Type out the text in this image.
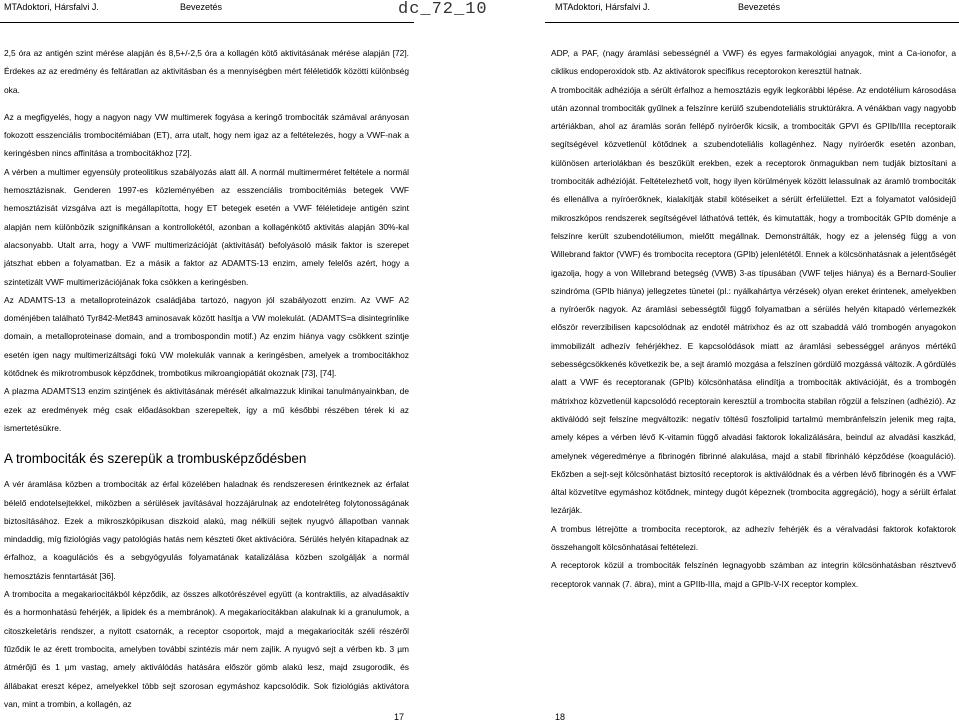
MTAdoktori, Hársfalvi J.	Bevezetés	dc_72_10	MTAdoktori, Hársfalvi J.	Bevezetés

2,5 óra az antigén szint mérése alapján és 8,5+/-2,5 óra a kollagén kötő aktivitásának mérése alapján [72]. Érdekes az az eredmény és feltáratlan az aktivitásban és a mennyiségben mért féléletidők közötti különbség oka.

Az a megfigyelés, hogy a nagyon nagy VW multimerek fogyása a keringő trombociták számával arányosan fokozott esszenciális trombocitémiában (ET), arra utalt, hogy nem igaz az a feltételezés, hogy a VWF-nak a keringésben nincs affinitása a trombocitákhoz [72].

A vérben a multimer egyensúly proteolitikus szabályozás alatt áll. A normál multimerméret feltétele a normál hemosztázisnak. Genderen 1997-es közleményében az esszenciális trombocitémiás betegek VWF hemosztázisát vizsgálva azt is megállapította, hogy ET betegek esetén a VWF féléletideje antigén szint alapján nem különbözik szignifikánsan a kontrollokétól, azonban a kollagénkötő aktivitás alapján 30%-kal alacsonyabb. Utalt arra, hogy a VWF multimerizációját (aktivitását) befolyásoló másik faktor is szerepet játszhat ebben a folyamatban. Ez a másik a faktor az ADAMTS-13 enzim, amely felelős azért, hogy a szintetizált VWF multimerizációjának foka csökken a keringésben.

Az ADAMTS-13 a metalloproteinázok családjába tartozó, nagyon jól szabályozott enzim. Az VWF A2 doménjében található Tyr842-Met843 aminosavak között hasítja a VW molekulát. (ADAMTS=a disintegrinlike domain, a metalloproteinase domain, and a trombospondin motif.) Az enzim hiánya vagy csökkent szintje esetén igen nagy multimerizáltsági fokú VW molekulák vannak a keringésben, amelyek a trombocitákhoz kötődnek és mikrotrombusok képződnek, trombotikus mikroangiopátiát okoznak [73], [74].

A plazma ADAMTS13 enzim szintjének és aktivitásának mérését alkalmazzuk klinikai tanulmányainkban, de ezek az eredmények még csak előadásokban szerepeltek, így a mű későbbi részében térek ki az ismertetésükre.

A trombociták és szerepük a trombusképződésben

A vér áramlása közben a trombociták az érfal közelében haladnak és rendszeresen érintkeznek az érfalat bélelő endotelsejtekkel, miközben a sérülések javításával hozzájárulnak az endotelréteg folytonosságának biztosításához. Ezek a mikroszkópikusan diszkoid alakú, mag nélküli sejtek nyugvó állapotban vannak mindaddig, míg fiziológiás vagy patológiás hatás nem készteti őket aktivációra. Sérülés helyén kitapadnak az érfalhoz, a koagulációs és a sebgyógyulás folyamatának katalizálása közben szolgálják a normál hemosztázis fenntartását [36].

A trombocita a megakariocitákból képződik, az összes alkotórészével együtt (a kontraktilis, az alvadásaktív és a hormonhatású fehérjék, a lipidek és a membránok). A megakariocitákban alakulnak ki a granulumok, a citoszkeletáris rendszer, a nyitott csatornák, a receptor csoportok, majd a megakariociták széli részéről fűződik le az érett trombocita, amelyben további szintézis már nem zajlik. A nyugvó sejt a vérben kb. 3 µm átmérőjű és 1 µm vastag, amely aktiválódás hatására először gömb alakú lesz, majd zsugorodik, és állábakat ereszt képez, amelyekkel több sejt szorosan egymáshoz kapcsolódik. Sok fiziológiás aktivátora van, mint a trombin, a kollagén, az

ADP, a PAF, (nagy áramlási sebességnél a VWF) és egyes farmakológiai anyagok, mint a Ca-ionofor, a ciklikus endoperoxidok stb. Az aktivátorok specifikus receptorokon keresztül hatnak.

A trombociták adhéziója a sérült érfalhoz a hemosztázis egyik legkorábbi lépése. Az endotélium károsodása után azonnal trombociták gyűlnek a felszínre kerülő szubendoteliális struktúrákra. A vénákban vagy nagyobb artériákban, ahol az áramlás során fellépő nyíróerők kicsik, a trombociták GPVI és GPIIb/IIIa receptoraik segítségével közvetlenül kötődnek a szubendoteliális kollagénhez. Nagy nyíróerők esetén azonban, különösen arteriolákban és beszűkült erekben, ezek a receptorok önmagukban nem tudják biztosítani a trombociták adhézióját. Feltételezhető volt, hogy ilyen körülmények között lelassulnak az áramló trombociták és ellenállva a nyíróerőknek, kialakítják stabil kötéseiket a sérült érfelülettel. Ezt a folyamatot valósidejű mikroszkópos rendszerek segítségével láthatóvá tették, és kimutatták, hogy a trombociták GPIb doménje a felszínre került szubendotéliumon, mielőtt megállnak. Demonstrálták, hogy ez a jelenség függ a von Willebrand faktor (VWF) és trombocita receptora (GPIb) jelenlététől. Ennek a kölcsönhatásnak a jelentőségét igazolja, hogy a von Willebrand betegség (VWB) 3-as típusában (VWF teljes hiánya) és a Bernard-Soulier szindróma (GPIb hiánya) jellegzetes tünetei (pl.: nyálkahártya vérzések) olyan ereket érintenek, amelyekben a nyíróerők nagyok. Az áramlási sebességtől függő folyamatban a sérülés helyén kitapadó vérlemezkék először reverzibilisen kapcsolódnak az endotél mátrixhoz és az ott szabaddá váló trombogén anyagokon immobilizált adhezív fehérjékhez. E kapcsolódások miatt az áramlási sebességgel arányos mértékű sebességcsökkenés következik be, a sejt áramló mozgása a felszínen gördülő mozgássá változik. A gördülés alatt a VWF és receptoranak (GPIb) kölcsönhatása elindítja a trombociták aktivációját, és a trombogén mátrixhoz közvetlenül kapcsolódó receptorain keresztül a trombocita stabilan rögzül a felszínen (adhézió). Az aktiválódó sejt felszíne megváltozik: negatív töltésű foszfolipid tartalmú membránfelszín jelenik meg rajta, amely képes a vérben lévő K-vitamin függő alvadási faktorok lokalizálására, beindul az alvadási kaszkád, amelynek végeredménye a fibrinogén fibrinné alakulása, majd a stabil fibrinháló képződése (koaguláció). Ekőzben a sejt-sejt kölcsönhatást biztosító receptorok is aktiválódnak és a vérben lévő fibrinogén és a VWF által közvetítve egymáshoz kötődnek, mintegy dugót képeznek (trombocita aggregáció), hogy a sérült érfalat lezárják.

A trombus létrejötte a trombocita receptorok, az adhezív fehérjék és a véralvadási faktorok kofaktorok összehangolt kölcsönhatásai feltételezi.

A receptorok közül a trombociták felszínén legnagyobb számban az integrin kölcsönhatásban résztvevő receptorok vannak (7. ábra), mint a GPIIb-IIIa, majd a GPIb-V-IX receptor komplex.

17	18
